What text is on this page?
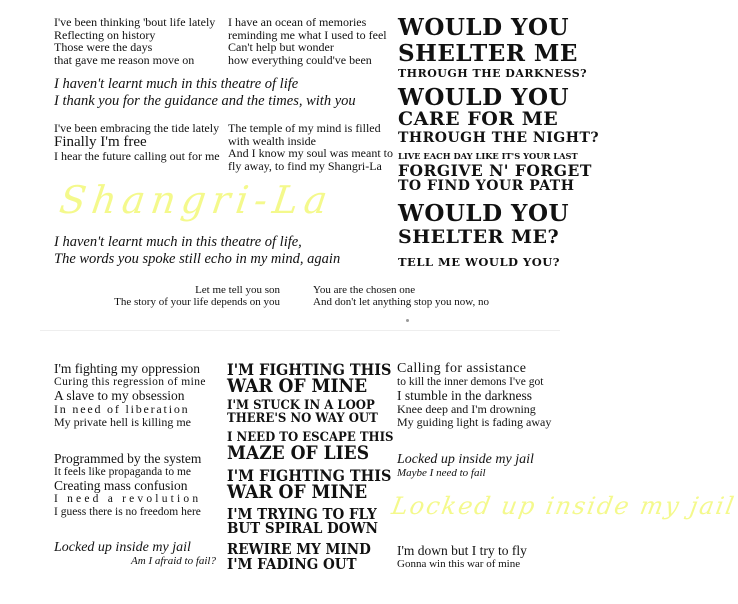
I've been thinking 'bout life lately
Reflecting on history
Those were the days
that gave me reason move on
I have an ocean of memories
reminding me what I used to feel
Can't help but wonder
how everything could've been
I haven't learnt much in this theatre of life
I thank you for the guidance and the times, with you
I've been embracing the tide lately
Finally I'm free
I hear the future calling out for me
The temple of my mind is filled
with wealth inside
And I know my soul was meant to
fly away, to find my Shangri-La
Shangri-La
I haven't learnt much in this theatre of life,
The words you spoke still echo in my mind, again
WOULD YOU
SHELTER ME
THROUGH THE DARKNESS?
WOULD YOU
CARE FOR ME
THROUGH THE NIGHT?
LIVE EACH DAY LIKE IT'S YOUR LAST
FORGIVE N' FORGET
TO FIND YOUR PATH
WOULD YOU
SHELTER ME?
TELL ME WOULD YOU?
Let me tell you son
The story of your life depends on you
You are the chosen one
And don't let anything stop you now, no
I'm fighting my oppression
Curing this regression of mine
A slave to my obsession
In need of liberation
My private hell is killing me
Programmed by the system
It feels like propaganda to me
Creating mass confusion
I need a revolution
I guess there is no freedom here
Locked up inside my jail
Am I afraid to fail?
I'M FIGHTING THIS
WAR OF MINE
I'M STUCK IN A LOOP
THERE'S NO WAY OUT
I NEED TO ESCAPE THIS
MAZE OF LIES
I'M FIGHTING THIS
WAR OF MINE
I'M TRYING TO FLY
BUT SPIRAL DOWN
REWIRE MY MIND
I'M FADING OUT
Calling for assistance
to kill the inner demons I've got
I stumble in the darkness
Knee deep and I'm drowning
My guiding light is fading away
Locked up inside my jail
Maybe I need to fail
Locked up inside my jail
I'm down but I try to fly
Gonna win this war of mine
